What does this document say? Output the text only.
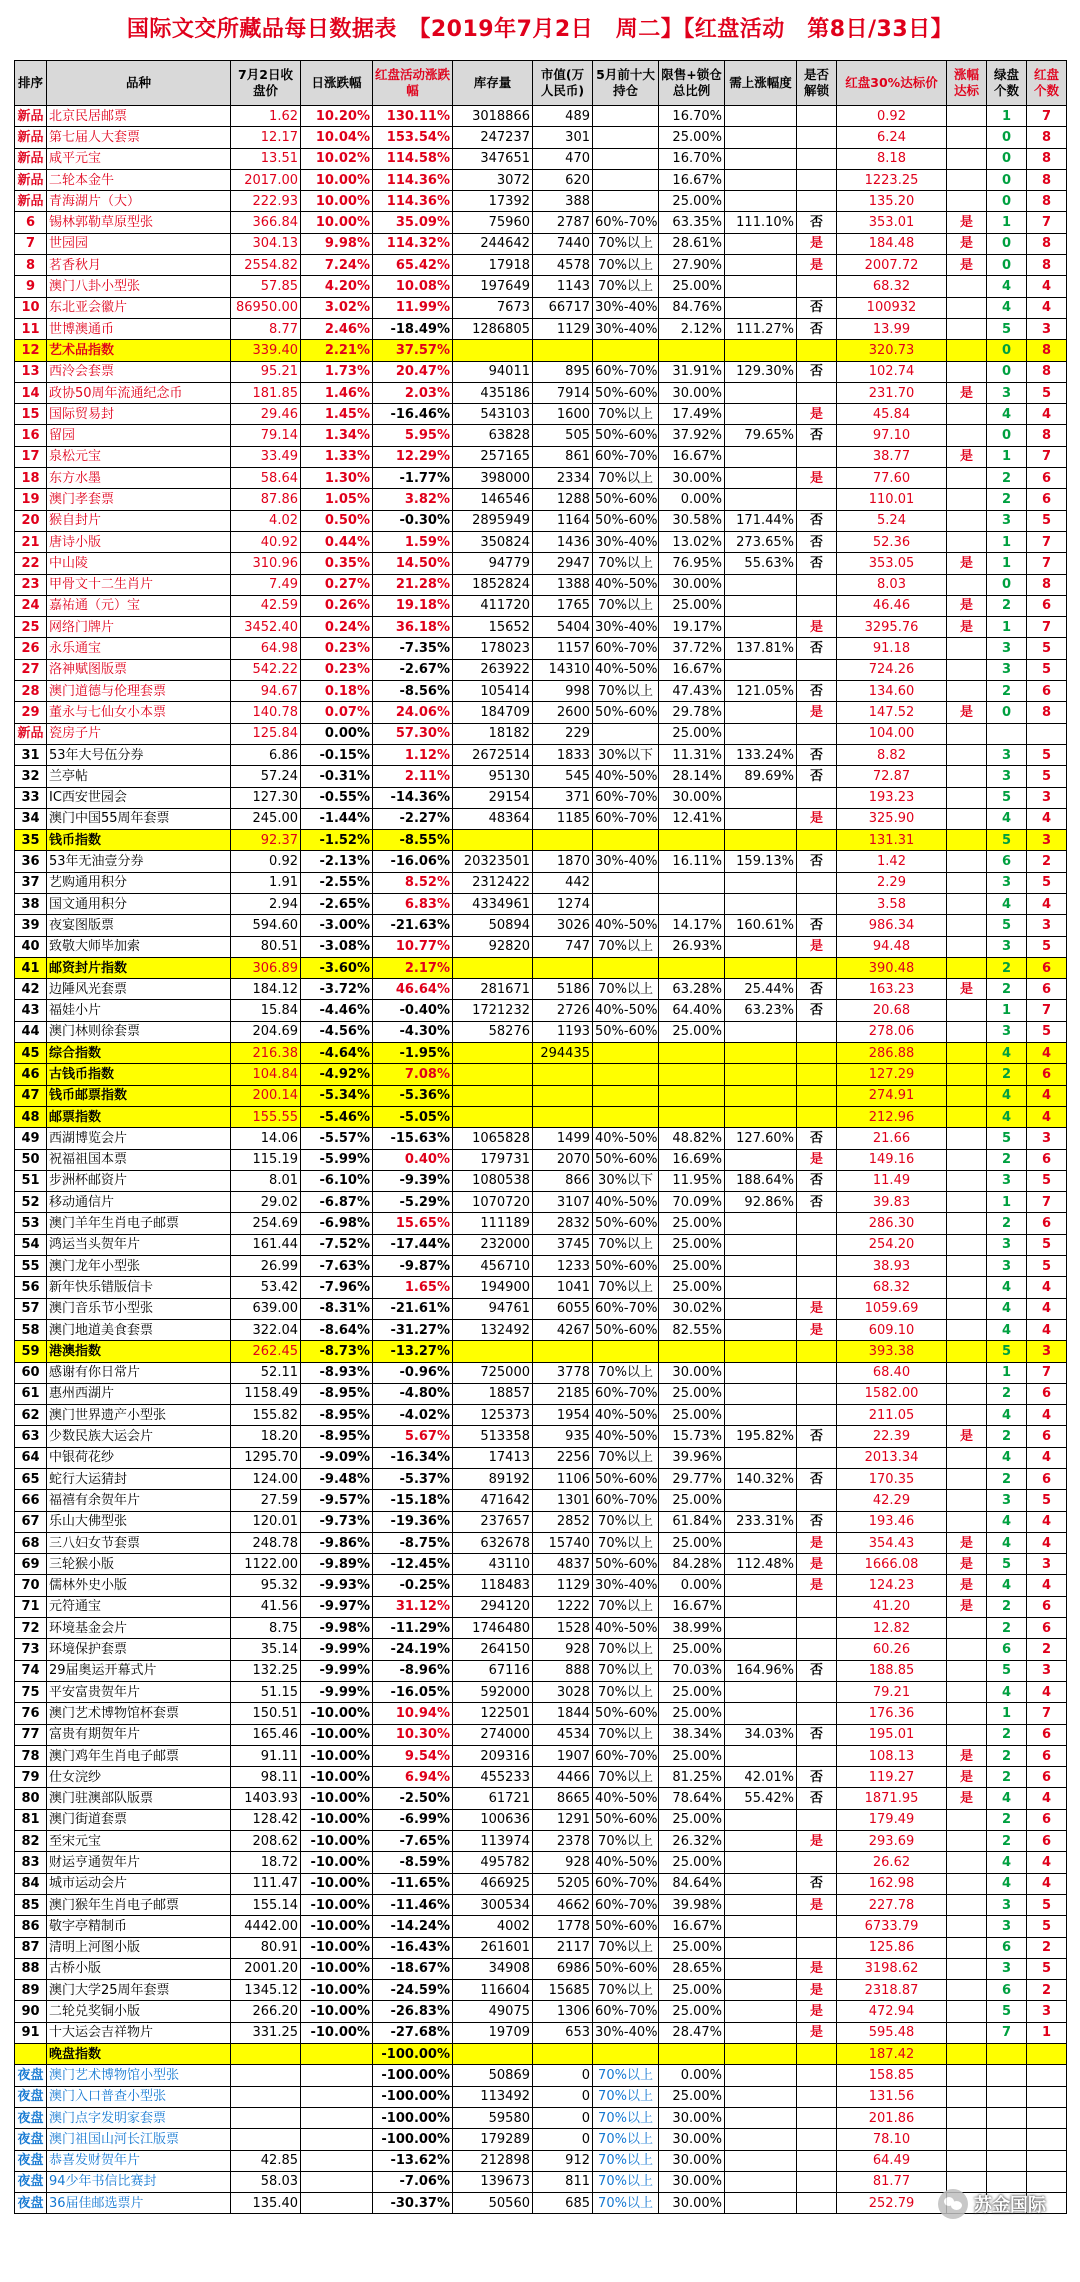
国际文交所藏品每日数据表　【2019年7月2日　周二】【红盘活动　第8日/33日】
排序	品种	7月2日收盘价	日涨跌幅	红盘活动涨跌幅	库存量	市值(万人民币)	5月前十大持仓	限售+锁仓总比例	需上涨幅度	是否解锁	红盘30%达标价	涨幅达标	绿盘个数	红盘个数
新品	北京民居邮票	1.62	10.20%	130.11%	3018866	489		16.70%			0.92		1	7
新品	第七届人大套票	12.17	10.04%	153.54%	247237	301		25.00%			6.24		0	8
新品	咸平元宝	13.51	10.02%	114.58%	347651	470		16.70%			8.18		0	8
新品	二轮本金牛	2017.00	10.00%	114.36%	3072	620		16.67%			1223.25		0	8
新品	青海湖片（大）	222.93	10.00%	114.36%	17392	388		25.00%			135.20		0	8
6	锡林郭勒草原型张	366.84	10.00%	35.09%	75960	2787	60%-70%	63.35%	111.10%	否	353.01	是	1	7
7	世园园	304.13	9.98%	114.32%	244642	7440	70%以上	28.61%		是	184.48	是	0	8
8	茗香秋月	2554.82	7.24%	65.42%	17918	4578	70%以上	27.90%		是	2007.72	是	0	8
9	澳门八卦小型张	57.85	4.20%	10.08%	197649	1143	70%以上	25.00%			68.32		4	4
10	东北亚会徽片	86950.00	3.02%	11.99%	7673	66717	30%-40%	84.76%		否	100932		4	4
11	世博澳通币	8.77	2.46%	-18.49%	1286805	1129	30%-40%	2.12%	111.27%	否	13.99		5	3
12	艺术品指数	339.40	2.21%	37.57%							320.73		0	8
13	西泠会套票	95.21	1.73%	20.47%	94011	895	60%-70%	31.91%	129.30%	否	102.74		0	8
14	政协50周年流通纪念币	181.85	1.46%	2.03%	435186	7914	50%-60%	30.00%			231.70	是	3	5
15	国际贸易封	29.46	1.45%	-16.46%	543103	1600	70%以上	17.49%		是	45.84		4	4
16	留园	79.14	1.34%	5.95%	63828	505	50%-60%	37.92%	79.65%	否	97.10		0	8
17	泉松元宝	33.49	1.33%	12.29%	257165	861	60%-70%	16.67%			38.77	是	1	7
18	东方水墨	58.64	1.30%	-1.77%	398000	2334	70%以上	30.00%		是	77.60		2	6
19	澳门孝套票	87.86	1.05%	3.82%	146546	1288	50%-60%	0.00%			110.01		2	6
20	猴自封片	4.02	0.50%	-0.30%	2895949	1164	50%-60%	30.58%	171.44%	否	5.24		3	5
21	唐诗小版	40.92	0.44%	1.59%	350824	1436	30%-40%	13.02%	273.65%	否	52.36		1	7
22	中山陵	310.96	0.35%	14.50%	94779	2947	70%以上	76.95%	55.63%	否	353.05	是	1	7
23	甲骨文十二生肖片	7.49	0.27%	21.28%	1852824	1388	40%-50%	30.00%			8.03		0	8
24	嘉祐通（元）宝	42.59	0.26%	19.18%	411720	1765	70%以上	25.00%			46.46	是	2	6
25	网络门牌片	3452.40	0.24%	36.18%	15652	5404	30%-40%	19.17%		是	3295.76	是	1	7
26	永乐通宝	64.98	0.23%	-7.35%	178023	1157	60%-70%	37.72%	137.81%	否	91.18		3	5
27	洛神赋图版票	542.22	0.23%	-2.67%	263922	14310	40%-50%	16.67%			724.26		3	5
28	澳门道德与伦理套票	94.67	0.18%	-8.56%	105414	998	70%以上	47.43%	121.05%	否	134.60		2	6
29	董永与七仙女小本票	140.78	0.07%	24.06%	184709	2600	50%-60%	29.78%		是	147.52	是	0	8
新品	瓷房子片	125.84	0.00%	57.30%	18182	229		25.00%			104.00			
31	53年大号伍分券	6.86	-0.15%	1.12%	2672514	1833	30%以下	11.31%	133.24%	否	8.82		3	5
32	兰亭帖	57.24	-0.31%	2.11%	95130	545	40%-50%	28.14%	89.69%	否	72.87		3	5
33	IC西安世园会	127.30	-0.55%	-14.36%	29154	371	60%-70%	30.00%			193.23		5	3
34	澳门中国55周年套票	245.00	-1.44%	-2.27%	48364	1185	60%-70%	12.41%		是	325.90		4	4
35	钱币指数	92.37	-1.52%	-8.55%							131.31		5	3
36	53年无油壹分券	0.92	-2.13%	-16.06%	20323501	1870	30%-40%	16.11%	159.13%	否	1.42		6	2
37	艺购通用积分	1.91	-2.55%	8.52%	2312422	442					2.29		3	5
38	国文通用积分	2.94	-2.65%	6.83%	4334961	1274					3.58		4	4
39	夜宴图版票	594.60	-3.00%	-21.63%	50894	3026	40%-50%	14.17%	160.61%	否	986.34		5	3
40	致敬大师毕加索	80.51	-3.08%	10.77%	92820	747	70%以上	26.93%		是	94.48		3	5
41	邮资封片指数	306.89	-3.60%	2.17%							390.48		2	6
42	边陲风光套票	184.12	-3.72%	46.64%	281671	5186	70%以上	63.28%	25.44%	否	163.23	是	2	6
43	福娃小片	15.84	-4.46%	-0.40%	1721232	2726	40%-50%	64.40%	63.23%	否	20.68		1	7
44	澳门林则徐套票	204.69	-4.56%	-4.30%	58276	1193	50%-60%	25.00%			278.06		3	5
45	综合指数	216.38	-4.64%	-1.95%		294435					286.88		4	4
46	古钱币指数	104.84	-4.92%	7.08%							127.29		2	6
47	钱币邮票指数	200.14	-5.34%	-5.36%							274.91		4	4
48	邮票指数	155.55	-5.46%	-5.05%							212.96		4	4
49	西湖博览会片	14.06	-5.57%	-15.63%	1065828	1499	40%-50%	48.82%	127.60%	否	21.66		5	3
50	祝福祖国本票	115.19	-5.99%	0.40%	179731	2070	50%-60%	16.69%		是	149.16		2	6
51	步洲杯邮资片	8.01	-6.10%	-9.39%	1080538	866	30%以下	11.95%	188.64%	否	11.49		3	5
52	移动通信片	29.02	-6.87%	-5.29%	1070720	3107	40%-50%	70.09%	92.86%	否	39.83		1	7
53	澳门羊年生肖电子邮票	254.69	-6.98%	15.65%	111189	2832	50%-60%	25.00%			286.30		2	6
54	鸿运当头贺年片	161.44	-7.52%	-17.44%	232000	3745	70%以上	25.00%			254.20		3	5
55	澳门龙年小型张	26.99	-7.63%	-9.87%	456710	1233	50%-60%	25.00%			38.93		3	5
56	新年快乐错版信卡	53.42	-7.96%	1.65%	194900	1041	70%以上	25.00%			68.32		4	4
57	澳门音乐节小型张	639.00	-8.31%	-21.61%	94761	6055	60%-70%	30.02%		是	1059.69		4	4
58	澳门地道美食套票	322.04	-8.64%	-31.27%	132492	4267	50%-60%	82.55%		是	609.10		4	4
59	港澳指数	262.45	-8.73%	-13.27%							393.38		5	3
60	感谢有你日常片	52.11	-8.93%	-0.96%	725000	3778	70%以上	30.00%			68.40		1	7
61	惠州西湖片	1158.49	-8.95%	-4.80%	18857	2185	60%-70%	25.00%			1582.00		2	6
62	澳门世界遗产小型张	155.82	-8.95%	-4.02%	125373	1954	40%-50%	25.00%			211.05		4	4
63	少数民族大运会片	18.20	-8.95%	5.67%	513358	935	40%-50%	15.73%	195.82%	否	22.39	是	2	6
64	中银荷花纱	1295.70	-9.09%	-16.34%	17413	2256	70%以上	39.96%			2013.34		4	4
65	蛇行大运猜封	124.00	-9.48%	-5.37%	89192	1106	50%-60%	29.77%	140.32%	否	170.35		2	6
66	福禧有余贺年片	27.59	-9.57%	-15.18%	471642	1301	60%-70%	25.00%			42.29		3	5
67	乐山大佛型张	120.01	-9.73%	-19.36%	237657	2852	70%以上	61.84%	233.31%	否	193.46		4	4
68	三八妇女节套票	248.78	-9.86%	-8.75%	632678	15740	70%以上	25.00%		是	354.43	是	4	4
69	三轮猴小版	1122.00	-9.89%	-12.45%	43110	4837	50%-60%	84.28%	112.48%	是	1666.08	是	5	3
70	儒林外史小版	95.32	-9.93%	-0.25%	118483	1129	30%-40%	0.00%		是	124.23	是	4	4
71	元符通宝	41.56	-9.97%	31.12%	294120	1222	70%以上	16.67%			41.20	是	2	6
72	环境基金会片	8.75	-9.98%	-11.29%	1746480	1528	40%-50%	38.99%			12.82		2	6
73	环境保护套票	35.14	-9.99%	-24.19%	264150	928	70%以上	25.00%			60.26		6	2
74	29届奥运开幕式片	132.25	-9.99%	-8.96%	67116	888	70%以上	70.03%	164.96%	否	188.85		5	3
75	平安富贵贺年片	51.15	-9.99%	-16.05%	592000	3028	70%以上	25.00%			79.21		4	4
76	澳门艺术博物馆杯套票	150.51	-10.00%	10.94%	122501	1844	50%-60%	25.00%			176.36		1	7
77	富贵有期贺年片	165.46	-10.00%	10.30%	274000	4534	70%以上	38.34%	34.03%	否	195.01		2	6
78	澳门鸡年生肖电子邮票	91.11	-10.00%	9.54%	209316	1907	60%-70%	25.00%			108.13	是	2	6
79	仕女浣纱	98.11	-10.00%	6.94%	455233	4466	70%以上	81.25%	42.01%	否	119.27	是	2	6
80	澳门驻澳部队版票	1403.93	-10.00%	-2.50%	61721	8665	40%-50%	78.64%	55.42%	否	1871.95	是	4	4
81	澳门街道套票	128.42	-10.00%	-6.99%	100636	1291	50%-60%	25.00%			179.49		2	6
82	至宋元宝	208.62	-10.00%	-7.65%	113974	2378	70%以上	26.32%		是	293.69		2	6
83	财运亨通贺年片	18.72	-10.00%	-8.59%	495782	928	40%-50%	25.00%			26.62		4	4
84	城市运动会片	111.47	-10.00%	-11.65%	466925	5205	60%-70%	84.64%		否	162.98		4	4
85	澳门猴年生肖电子邮票	155.14	-10.00%	-11.46%	300534	4662	60%-70%	39.98%		是	227.78		3	5
86	敬字亭精制币	4442.00	-10.00%	-14.24%	4002	1778	50%-60%	16.67%			6733.79		3	5
87	清明上河图小版	80.91	-10.00%	-16.43%	261601	2117	70%以上	25.00%			125.86		6	2
88	古桥小版	2001.20	-10.00%	-18.67%	34908	6986	50%-60%	28.65%		是	3198.62		3	5
89	澳门大学25周年套票	1345.12	-10.00%	-24.59%	116604	15685	70%以上	25.00%		是	2318.87		6	2
90	二轮兑奖铜小版	266.20	-10.00%	-26.83%	49075	1306	60%-70%	25.00%		是	472.94		5	3
91	十大运会吉祥物片	331.25	-10.00%	-27.68%	19709	653	30%-40%	28.47%		是	595.48		7	1
	晚盘指数			-100.00%							187.42			
夜盘	澳门艺术博物馆小型张			-100.00%	50869	0	70%以上	0.00%			158.85			
夜盘	澳门入口普查小型张			-100.00%	113492	0	70%以上	25.00%			131.56			
夜盘	澳门点字发明家套票			-100.00%	59580	0	70%以上	30.00%			201.86			
夜盘	澳门祖国山河长江版票			-100.00%	179289	0	70%以上	30.00%			78.10			
夜盘	恭喜发财贺年片	42.85		-13.62%	212898	912	70%以上	30.00%			64.49			
夜盘	94少年书信比赛封	58.03		-7.06%	139673	811	70%以上	30.00%			81.77			
夜盘	36届佳邮选票片	135.40		-30.37%	50560	685	70%以上	30.00%			252.79				苏金国际
